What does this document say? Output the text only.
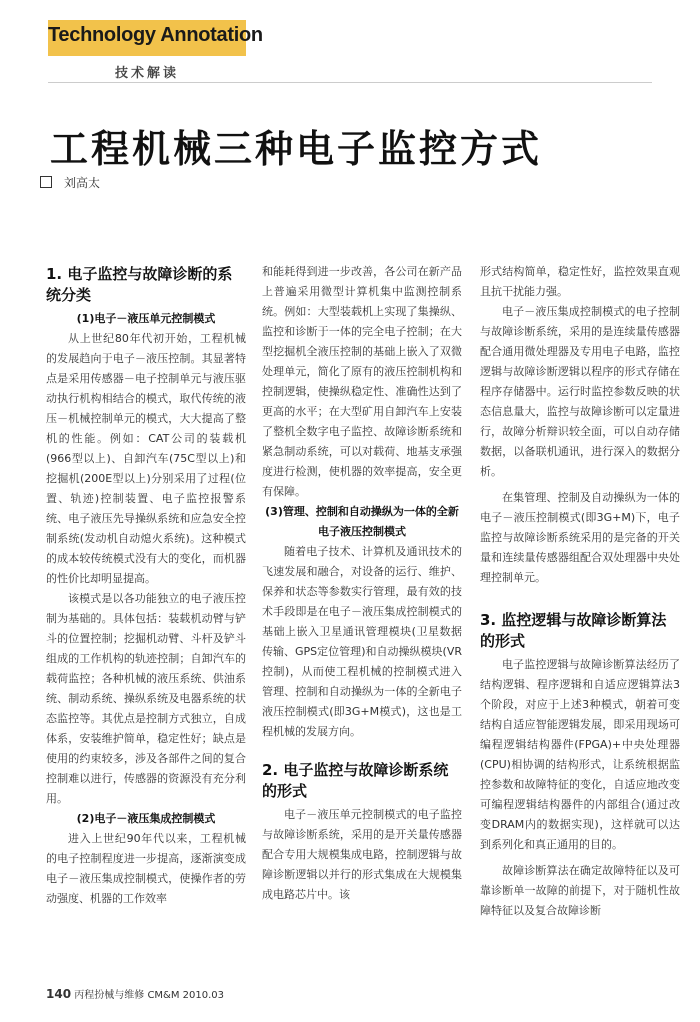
Technology Annotation
技术解读
工程机械三种电子监控方式
刘高太
1. 电子监控与故障诊断的系统分类

(1)电子－液压单元控制模式

从上世纪80年代初开始，工程机械的发展趋向于电子－液压控制。其显著特点是采用传感器－电子控制单元与液压驱动执行机构相结合的模式，取代传统的液压－机械控制单元的模式，大大提高了整机的性能。例如：CAT公司的装载机(966型以上)、自卸汽车(75C型以上)和挖掘机(200E型以上)分别采用了过程(位置、轨迹)控制装置、电子监控报警系统、电子液压先导操纵系统和应急安全控制系统(发动机自动熄火系统)。这种模式的成本较传统模式没有大的变化，而机器的性价比却明显提高。

该模式是以各功能独立的电子液压控制为基础的。具体包括：装载机动臂与铲斗的位置控制；挖掘机动臂、斗杆及铲斗组成的工作机构的轨迹控制；自卸汽车的载荷监控；各种机械的液压系统、供油系统、制动系统、操纵系统及电器系统的状态监控等。其优点是控制方式独立，自成体系，安装维护简单，稳定性好；缺点是使用的约束较多，涉及各部件之间的复合控制难以进行，传感器的资源没有充分利用。

(2)电子－液压集成控制模式

进入上世纪90年代以来，工程机械的电子控制程度进一步提高，逐渐演变成电子－液压集成控制模式，使操作者的劳动强度、机器的工作效率

和能耗得到进一步改善，各公司在新产品上普遍采用微型计算机集中监测控制系统。例如：大型装载机上实现了集操纵、监控和诊断于一体的完全电子控制；在大型挖掘机全液压控制的基础上嵌入了双微处理单元，简化了原有的液压控制机构和控制逻辑，使操纵稳定性、准确性达到了更高的水平；在大型矿用自卸汽车上安装了整机全数字电子监控、故障诊断系统和紧急制动系统，可以对载荷、地基支承强度进行检测，使机器的效率提高，安全更有保障。

(3)管理、控制和自动操纵为一体的全新电子液压控制模式

随着电子技术、计算机及通讯技术的飞速发展和融合，对设备的运行、维护、保养和状态等参数实行管理，最有效的技术手段即是在电子－液压集成控制模式的基础上嵌入卫星通讯管理模块(卫星数据传输、GPS定位管理)和自动操纵模块(VR控制)，从而使工程机械的控制模式进入管理、控制和自动操纵为一体的全新电子液压控制模式(即3G+M模式)，这也是工程机械的发展方向。

2. 电子监控与故障诊断系统的形式

电子－液压单元控制模式的电子监控与故障诊断系统，采用的是开关量传感器配合专用大规模集成电路，控制逻辑与故障诊断逻辑以并行的形式集成在大规模集成电路芯片中。该

形式结构简单，稳定性好，监控效果直观且抗干扰能力强。

电子－液压集成控制模式的电子控制与故障诊断系统，采用的是连续量传感器配合通用微处理器及专用电子电路，监控逻辑与故障诊断逻辑以程序的形式存储在程序存储器中。运行时监控参数反映的状态信息量大，监控与故障诊断可以定量进行，故障分析辩识较全面，可以自动存储数据，以备联机通讯，进行深入的数据分析。

在集管理、控制及自动操纵为一体的电子－液压控制模式(即3G+M)下，电子监控与故障诊断系统采用的是完备的开关量和连续量传感器组配合双处理器中央处理控制单元。

3. 监控逻辑与故障诊断算法的形式

电子监控逻辑与故障诊断算法经历了结构逻辑、程序逻辑和自适应逻辑算法3个阶段，对应于上述3种模式，朝着可变结构自适应智能逻辑发展，即采用现场可编程逻辑结构器件(FPGA)+中央处理器(CPU)相协调的结构形式，让系统根据监控参数和故障特征的变化，自适应地改变可编程逻辑结构器件的内部组合(通过改变DRAM内的数据实现)，这样就可以达到系列化和真正通用的目的。

故障诊断算法在确定故障特征以及可靠诊断单一故障的前提下，对于随机性故障特征以及复合故障诊断

140 丙程扮械与维修 CM&M 2010.03
